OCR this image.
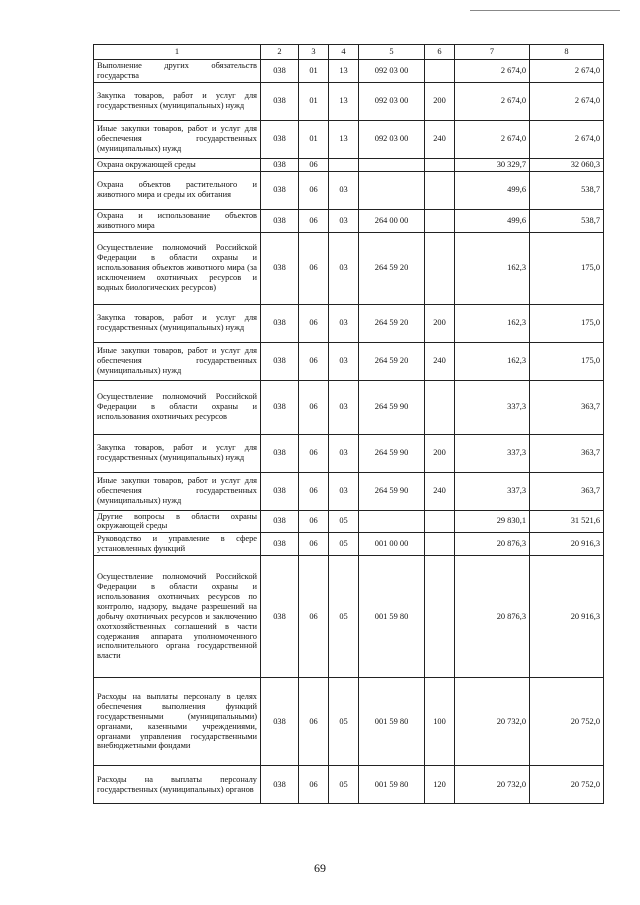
1	2	3	4	5	6	7	8
Выполнение других обязательств государства	038	01	13	092 03 00		2 674,0	2 674,0
Закупка товаров, работ и услуг для государственных (муниципальных) нужд	038	01	13	092 03 00	200	2 674,0	2 674,0
Иные закупки товаров, работ и услуг для обеспечения государственных (муниципальных) нужд	038	01	13	092 03 00	240	2 674,0	2 674,0
Охрана окружающей среды	038	06				30 329,7	32 060,3
Охрана объектов растительного и животного мира и среды их обитания	038	06	03			499,6	538,7
Охрана и использование объектов животного мира	038	06	03	264 00 00		499,6	538,7
Осуществление полномочий Российской Федерации в области охраны и использования объектов животного мира (за исключением охотничьих ресурсов и водных биологических ресурсов)	038	06	03	264 59 20		162,3	175,0
Закупка товаров, работ и услуг для государственных (муниципальных) нужд	038	06	03	264 59 20	200	162,3	175,0
Иные закупки товаров, работ и услуг для обеспечения государственных (муниципальных) нужд	038	06	03	264 59 20	240	162,3	175,0
Осуществление полномочий Российской Федерации в области охраны и использования охотничьих ресурсов	038	06	03	264 59 90		337,3	363,7
Закупка товаров, работ и услуг для государственных (муниципальных) нужд	038	06	03	264 59 90	200	337,3	363,7
Иные закупки товаров, работ и услуг для обеспечения государственных (муниципальных) нужд	038	06	03	264 59 90	240	337,3	363,7
Другие вопросы в области охраны окружающей среды	038	06	05			29 830,1	31 521,6
Руководство и управление в сфере установленных функций	038	06	05	001 00 00		20 876,3	20 916,3
Осуществление полномочий Российской Федерации в области охраны и использования охотничьих ресурсов по контролю, надзору, выдаче разрешений на добычу охотничьих ресурсов и заключению охотхозяйственных соглашений в части содержания аппарата уполномоченного исполнительного органа государственной власти	038	06	05	001 59 80		20 876,3	20 916,3
Расходы на выплаты персоналу в целях обеспечения выполнения функций государственными (муниципальными) органами, казенными учреждениями, органами управления государственными внебюджетными фондами	038	06	05	001 59 80	100	20 732,0	20 752,0
Расходы на выплаты персоналу государственных (муниципальных) органов	038	06	05	001 59 80	120	20 732,0	20 752,0
69
